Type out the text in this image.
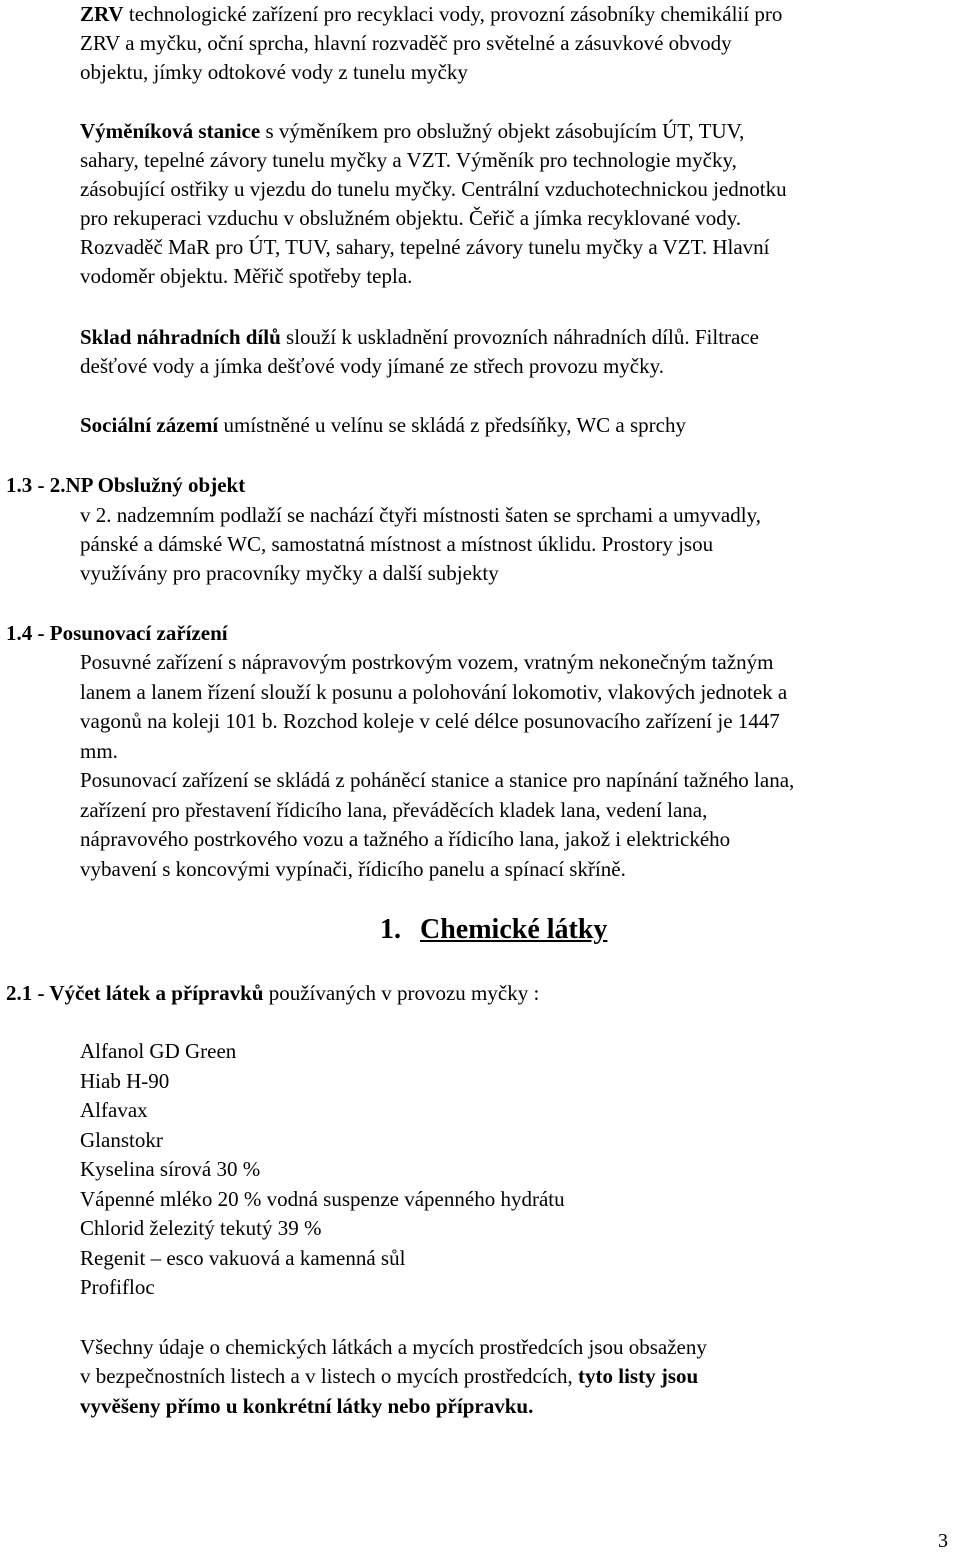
ZRV technologické zařízení pro recyklaci vody, provozní zásobníky chemikálií pro
ZRV a myčku, oční sprcha, hlavní rozvaděč pro světelné a zásuvkové obvody
objektu, jímky odtokové vody z tunelu myčky
Výměníková stanice s výměníkem pro obslužný objekt zásobujícím ÚT, TUV,
sahary, tepelné závory tunelu myčky a VZT. Výměník pro technologie myčky,
zásobující ostřiky u vjezdu do tunelu myčky. Centrální vzduchotechnickou jednotku
pro rekuperaci vzduchu v obslužném objektu. Čeřič a jímka recyklované vody.
Rozvaděč MaR pro ÚT, TUV, sahary, tepelné závory tunelu myčky a VZT. Hlavní
vodoměr objektu. Měřič spotřeby tepla.
Sklad náhradních dílů slouží k uskladnění provozních náhradních dílů. Filtrace
dešťové vody a jímka dešťové vody jímané ze střech provozu myčky.
Sociální zázemí umístněné u velínu se skládá z předsíňky, WC a sprchy
1.3 - 2.NP Obslužný objekt
v 2. nadzemním podlaží se nachází čtyři místnosti šaten se sprchami a umyvadly,
pánské a dámské WC, samostatná místnost a místnost úklidu. Prostory jsou
využívány pro pracovníky myčky a další subjekty
1.4 - Posunovací zařízení
Posuvné zařízení s nápravovým postrkovým vozem, vratným nekonečným tažným
lanem a lanem řízení slouží k posunu a polohování lokomotiv, vlakových jednotek a
vagonů na koleji 101 b. Rozchod koleje v celé délce posunovacího zařízení je 1447
mm.
Posunovací zařízení se skládá z poháněcí stanice a stanice pro napínání tažného lana,
zařízení pro přestavení řídicího lana, převáděcích kladek lana, vedení lana,
nápravového postrkového vozu a tažného a řídicího lana, jakož i elektrického
vybavení s koncovými vypínači, řídicího panelu a spínací skříně.
1. Chemické látky
2.1 - Výčet látek a přípravků používaných v provozu myčky :
Alfanol GD Green
Hiab H-90
Alfavax
Glanstokr
Kyselina sírová 30 %
Vápenné mléko 20 % vodná suspenze vápenného hydrátu
Chlorid železitý tekutý 39 %
Regenit – esco vakuová a kamenná sůl
Profifloc
Všechny údaje o chemických látkách a mycích prostředcích jsou obsaženy
v bezpečnostních listech a v listech o mycích prostředcích, tyto listy jsou
vyvěšeny přímo u konkrétní látky nebo přípravku.
3
